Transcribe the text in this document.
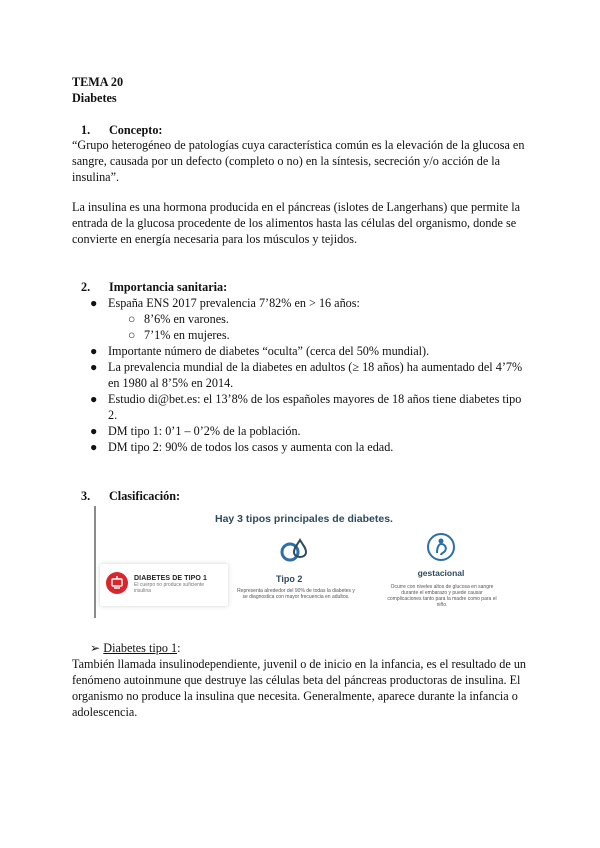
TEMA 20
Diabetes
1. Concepto:
“Grupo heterogéneo de patologías cuya característica común es la elevación de la glucosa en
sangre, causada por un defecto (completo o no) en la síntesis, secreción y/o acción de la
insulina”.
La insulina es una hormona producida en el páncreas (islotes de Langerhans) que permite la
entrada de la glucosa procedente de los alimentos hasta las células del organismo, donde se
convierte en energía necesaria para los músculos y tejidos.
2. Importancia sanitaria:
● España ENS 2017 prevalencia 7’82% en > 16 años:
○ 8’6% en varones.
○ 7’1% en mujeres.
● Importante número de diabetes “oculta” (cerca del 50% mundial).
● La prevalencia mundial de la diabetes en adultos (≥ 18 años) ha aumentado del 4’7%
en 1980 al 8’5% en 2014.
● Estudio di@bet.es: el 13’8% de los españoles mayores de 18 años tiene diabetes tipo
2.
● DM tipo 1: 0’1 – 0’2% de la población.
● DM tipo 2: 90% de todos los casos y aumenta con la edad.
3. Clasificación:
Hay 3 tipos principales de diabetes.
DIABETES DE TIPO 1
El cuerpo no produce suficiente insulina
Tipo 2
Representa alrededor del 90% de todas la diabetes y se diagnostica con mayor frecuencia en adultos.
gestacional
Ocurre con niveles altos de glucosa en sangre durante el embarazo y puede causar complicaciones tanto para la madre como para el niño.
➢ Diabetes tipo 1:
También llamada insulinodependiente, juvenil o de inicio en la infancia, es el resultado de un
fenómeno autoinmune que destruye las células beta del páncreas productoras de insulina. El
organismo no produce la insulina que necesita. Generalmente, aparece durante la infancia o
adolescencia.
